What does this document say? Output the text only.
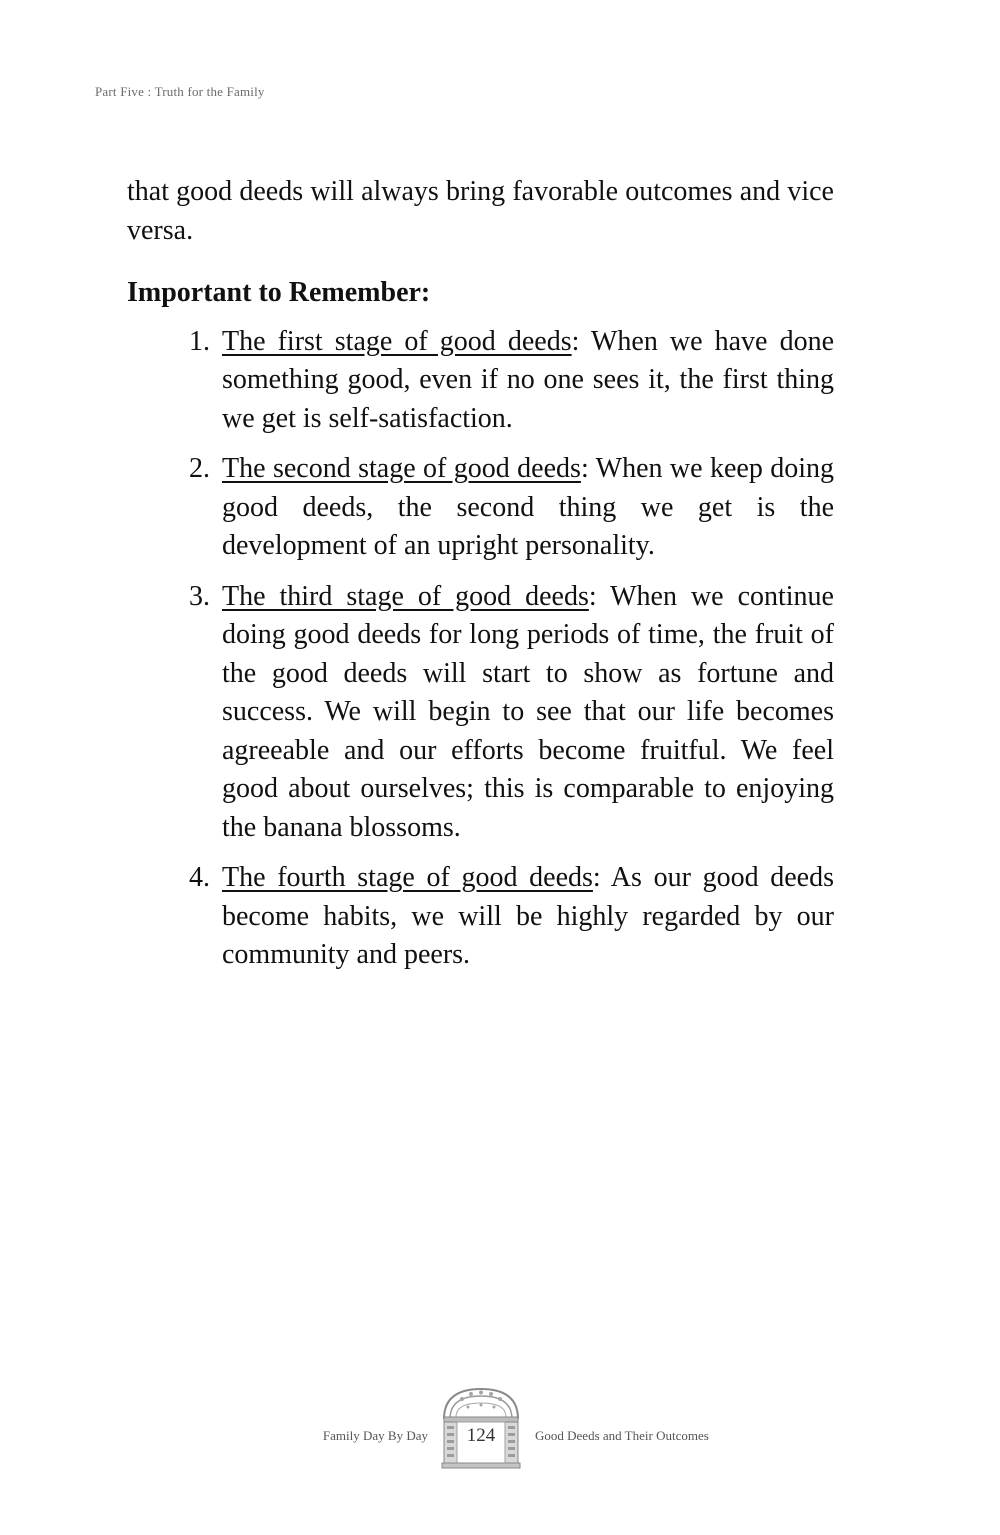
Part Five : Truth for the Family

that good deeds will always bring favorable outcomes and vice versa.

Important to Remember:

1. The first stage of good deeds: When we have done something good, even if no one sees it, the first thing we get is self-satisfaction.
2. The second stage of good deeds: When we keep doing good deeds, the second thing we get is the development of an upright personality.
3. The third stage of good deeds: When we continue doing good deeds for long periods of time, the fruit of the good deeds will start to show as fortune and success. We will begin to see that our life becomes agreeable and our efforts become fruitful. We feel good about ourselves; this is comparable to enjoying the banana blossoms.
4. The fourth stage of good deeds: As our good deeds become habits, we will be highly regarded by our community and peers.
Family Day By Day	124	Good Deeds and Their Outcomes
